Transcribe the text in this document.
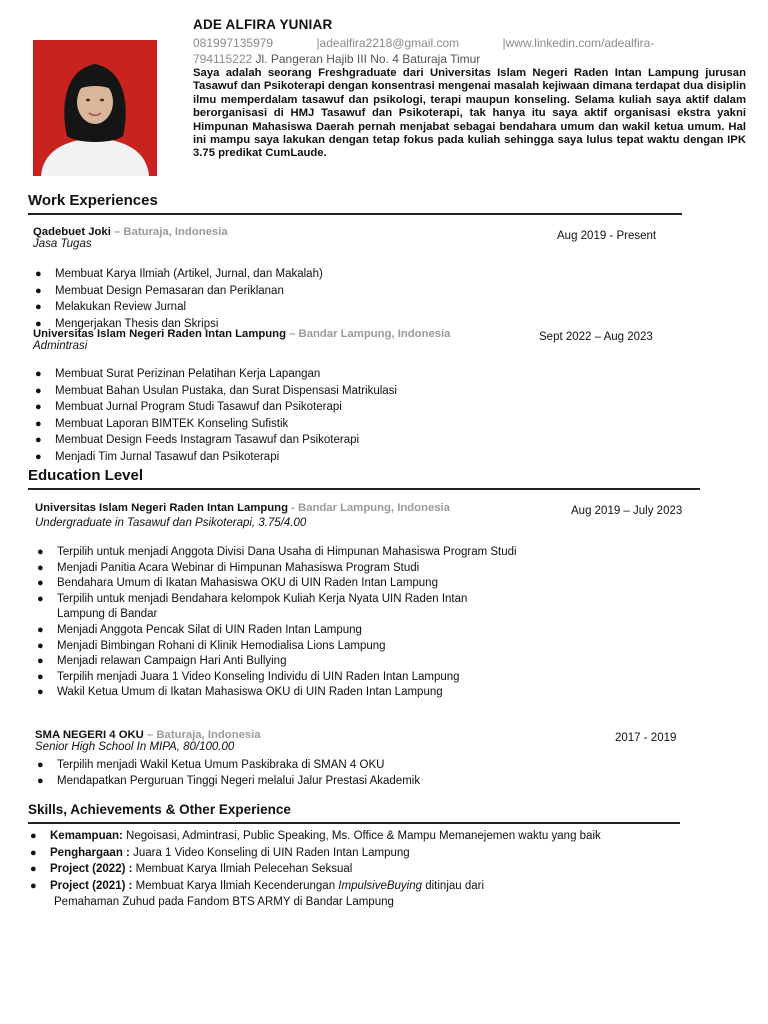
ADE ALFIRA YUNIAR
081997135979	|adealfira2218@gmail.com	|www.linkedin.com/adealfira-
794115222 Jl. Pangeran Hajib III No. 4 Baturaja Timur
Saya adalah seorang Freshgraduate dari Universitas Islam Negeri Raden Intan Lampung jurusan Tasawuf dan Psikoterapi dengan konsentrasi mengenai masalah kejiwaan dimana terdapat dua disiplin ilmu memperdalam tasawuf dan psikologi, terapi maupun konseling. Selama kuliah saya aktif dalam berorganisasi di HMJ Tasawuf dan Psikoterapi, tak hanya itu saya aktif organisasi ekstra yakni Himpunan Mahasiswa Daerah pernah menjabat sebagai bendahara umum dan wakil ketua umum. Hal ini mampu saya lakukan dengan tetap fokus pada kuliah sehingga saya lulus tepat waktu dengan IPK 3.75 predikat CumLaude.
Work Experiences
Qadebuet Joki – Baturaja, Indonesia
Jasa Tugas
Aug 2019 - Present
● Membuat Karya Ilmiah (Artikel, Jurnal, dan Makalah)
● Membuat Design Pemasaran dan Periklanan
● Melakukan Review Jurnal
● Mengerjakan Thesis dan Skripsi
Universitas Islam Negeri Raden Intan Lampung – Bandar Lampung, Indonesia
Admintrasi
Sept 2022 – Aug 2023
● Membuat Surat Perizinan Pelatihan Kerja Lapangan
● Membuat Bahan Usulan Pustaka, dan Surat Dispensasi Matrikulasi
● Membuat Jurnal Program Studi Tasawuf dan Psikoterapi
● Membuat Laporan BIMTEK Konseling Sufistik
● Membuat Design Feeds Instagram Tasawuf dan Psikoterapi
● Menjadi Tim Jurnal Tasawuf dan Psikoterapi
Education Level
Universitas Islam Negeri Raden Intan Lampung - Bandar Lampung, Indonesia
Undergraduate in Tasawuf dan Psikoterapi, 3.75/4.00
Aug 2019 – July 2023
● Terpilih untuk menjadi Anggota Divisi Dana Usaha di Himpunan Mahasiswa Program Studi
● Menjadi Panitia Acara Webinar di Himpunan Mahasiswa Program Studi
● Bendahara Umum di Ikatan Mahasiswa OKU di UIN Raden Intan Lampung
● Terpilih untuk menjadi Bendahara kelompok Kuliah Kerja Nyata UIN Raden Intan Lampung di Bandar
● Menjadi Anggota Pencak Silat di UIN Raden Intan Lampung
● Menjadi Bimbingan Rohani di Klinik Hemodialisa Lions Lampung
● Menjadi relawan Campaign Hari Anti Bullying
● Terpilih menjadi Juara 1 Video Konseling Individu di UIN Raden Intan Lampung
● Wakil Ketua Umum di Ikatan Mahasiswa OKU di UIN Raden Intan Lampung
SMA NEGERI 4 OKU – Baturaja, Indonesia
Senior High School In MIPA, 80/100.00
2017 - 2019
● Terpilih menjadi Wakil Ketua Umum Paskibraka di SMAN 4 OKU
● Mendapatkan Perguruan Tinggi Negeri melalui Jalur Prestasi Akademik
Skills, Achievements & Other Experience
● Kemampuan: Negoisasi, Admintrasi, Public Speaking, Ms. Office & Mampu Memanejemen waktu yang baik
● Penghargaan : Juara 1 Video Konseling di UIN Raden Intan Lampung
● Project (2022) : Membuat Karya Ilmiah Pelecehan Seksual
● Project (2021) : Membuat Karya Ilmiah Kecenderungan ImpulsiveBuying ditinjau dari
Pemahaman Zuhud pada Fandom BTS ARMY di Bandar Lampung
